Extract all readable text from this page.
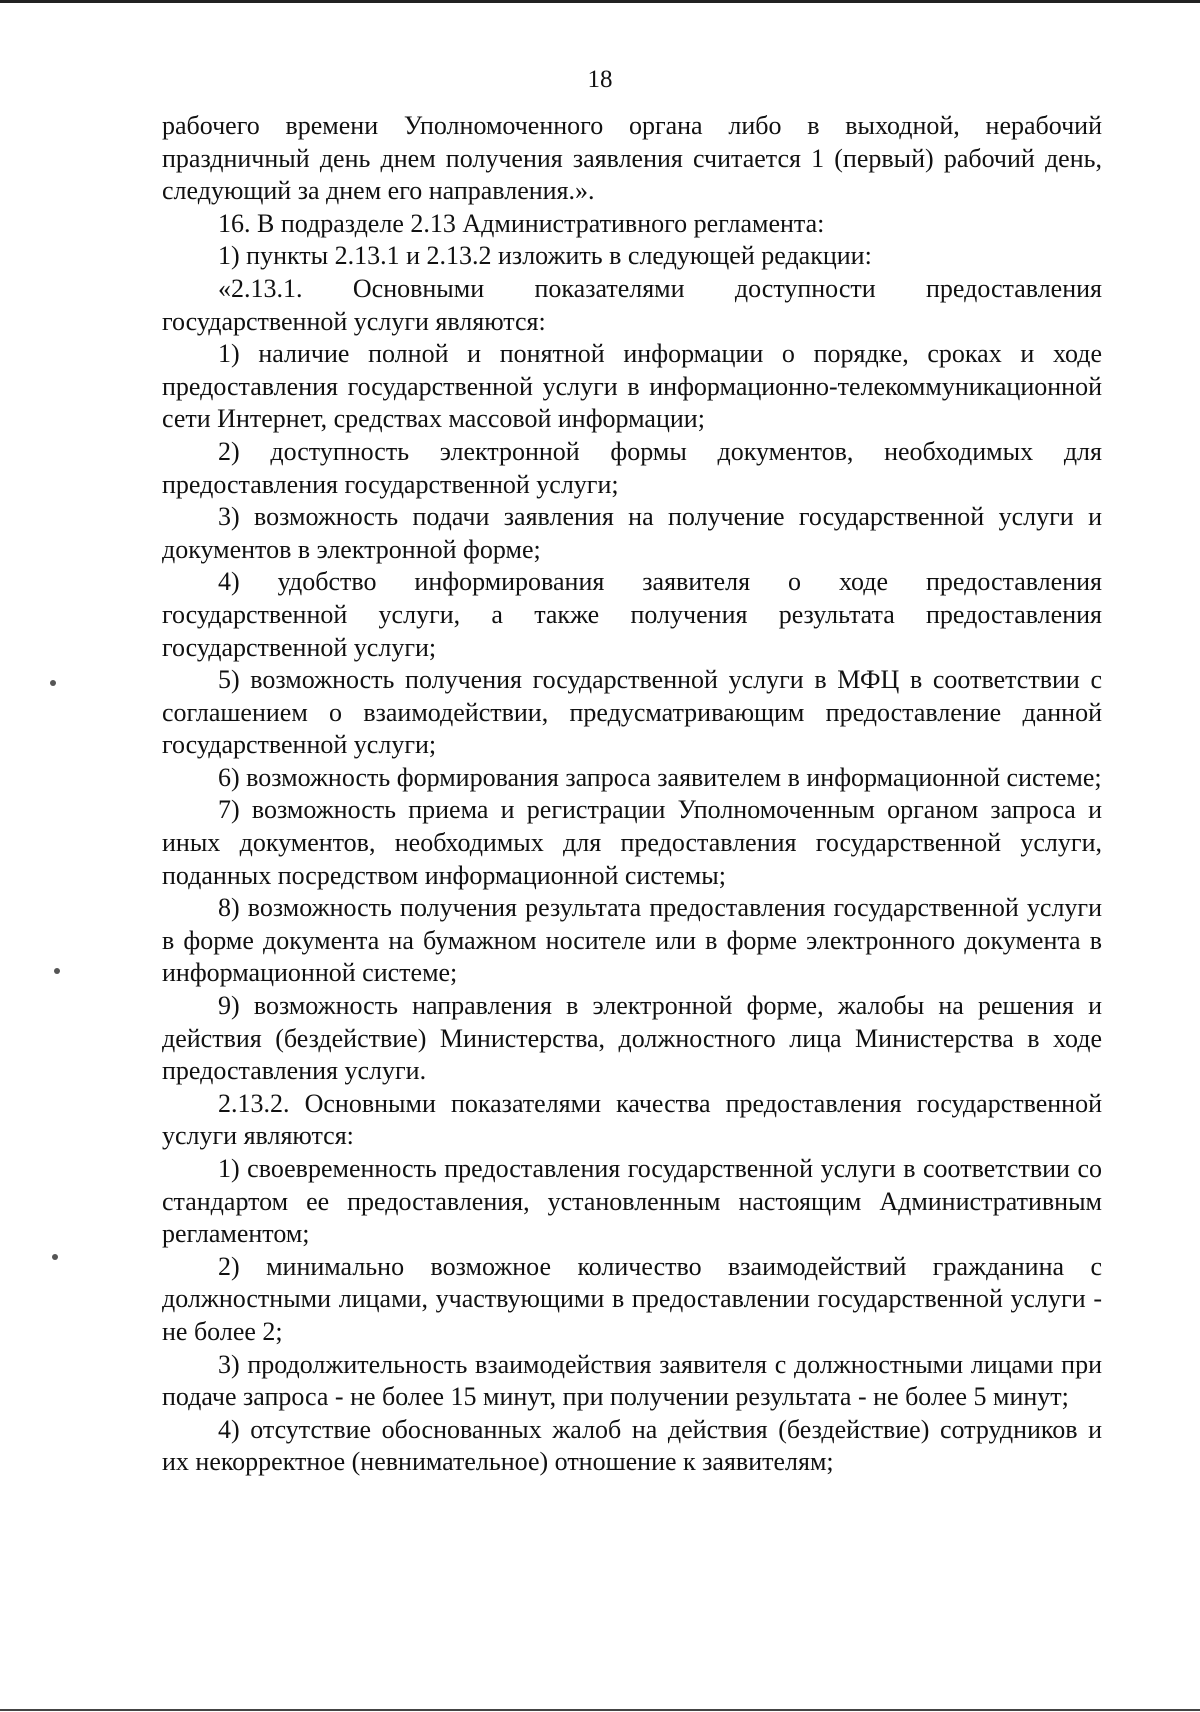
18

рабочего времени Уполномоченного органа либо в выходной, нерабочий праздничный день днем получения заявления считается 1 (первый) рабочий день, следующий за днем его направления.».

16. В подразделе 2.13 Административного регламента:

1) пункты 2.13.1 и 2.13.2 изложить в следующей редакции:

«2.13.1. Основными показателями доступности предоставления государственной услуги являются:

1) наличие полной и понятной информации о порядке, сроках и ходе предоставления государственной услуги в информационно-телекоммуникационной сети Интернет, средствах массовой информации;

2) доступность электронной формы документов, необходимых для предоставления государственной услуги;

3) возможность подачи заявления на получение государственной услуги и документов в электронной форме;

4) удобство информирования заявителя о ходе предоставления государственной услуги, а также получения результата предоставления государственной услуги;

5) возможность получения государственной услуги в МФЦ в соответствии с соглашением о взаимодействии, предусматривающим предоставление данной государственной услуги;

6) возможность формирования запроса заявителем в информационной системе;

7) возможность приема и регистрации Уполномоченным органом запроса и иных документов, необходимых для предоставления государственной услуги, поданных посредством информационной системы;

8) возможность получения результата предоставления государственной услуги в форме документа на бумажном носителе или в форме электронного документа в информационной системе;

9) возможность направления в электронной форме, жалобы на решения и действия (бездействие) Министерства, должностного лица Министерства в ходе предоставления услуги.

2.13.2. Основными показателями качества предоставления государственной услуги являются:

1) своевременность предоставления государственной услуги в соответствии со стандартом ее предоставления, установленным настоящим Административным регламентом;

2) минимально возможное количество взаимодействий гражданина с должностными лицами, участвующими в предоставлении государственной услуги - не более 2;

3) продолжительность взаимодействия заявителя с должностными лицами при подаче запроса - не более 15 минут, при получении результата - не более 5 минут;

4) отсутствие обоснованных жалоб на действия (бездействие) сотрудников и их некорректное (невнимательное) отношение к заявителям;
